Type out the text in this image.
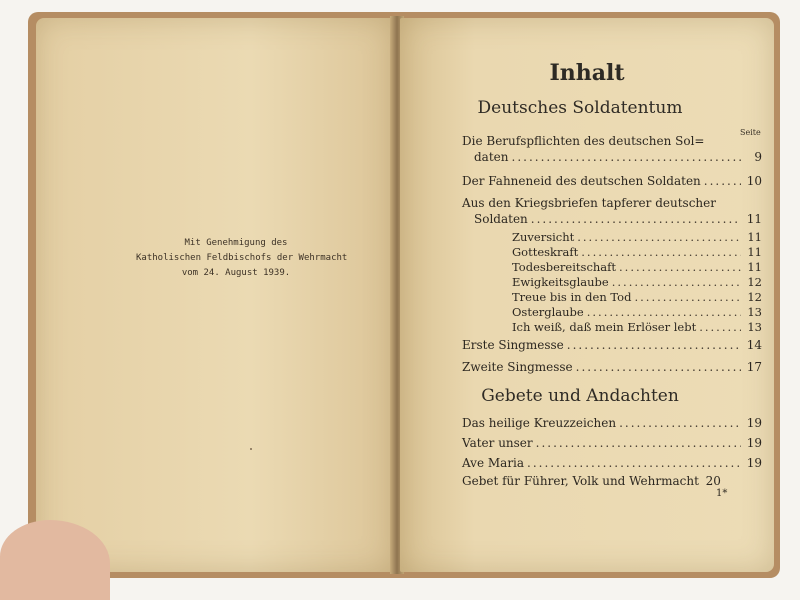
Mit Genehmigung des
Katholischen Feldbischofs der Wehrmacht
vom 24. August 1939.
Inhalt
Deutsches Soldatentum
Seite
Die Berufspflichten des deutschen Sol=
daten .....	9
Der Fahneneid des deutschen Soldaten .....	10
Aus den Kriegsbriefen tapferer deutscher
Soldaten .....	11
Zuversicht .....	11
Gotteskraft .....	11
Todesbereitschaft .....	11
Ewigkeitsglaube .....	12
Treue bis in den Tod .....	12
Osterglaube .....	13
Ich weiß, daß mein Erlöser lebt .....	13
Erste Singmesse .....	14
Zweite Singmesse .....	17
Gebete und Andachten
Das heilige Kreuzzeichen .....	19
Vater unser .....	19
Ave Maria .....	19
Gebet für Führer, Volk und Wehrmacht 20
1*
